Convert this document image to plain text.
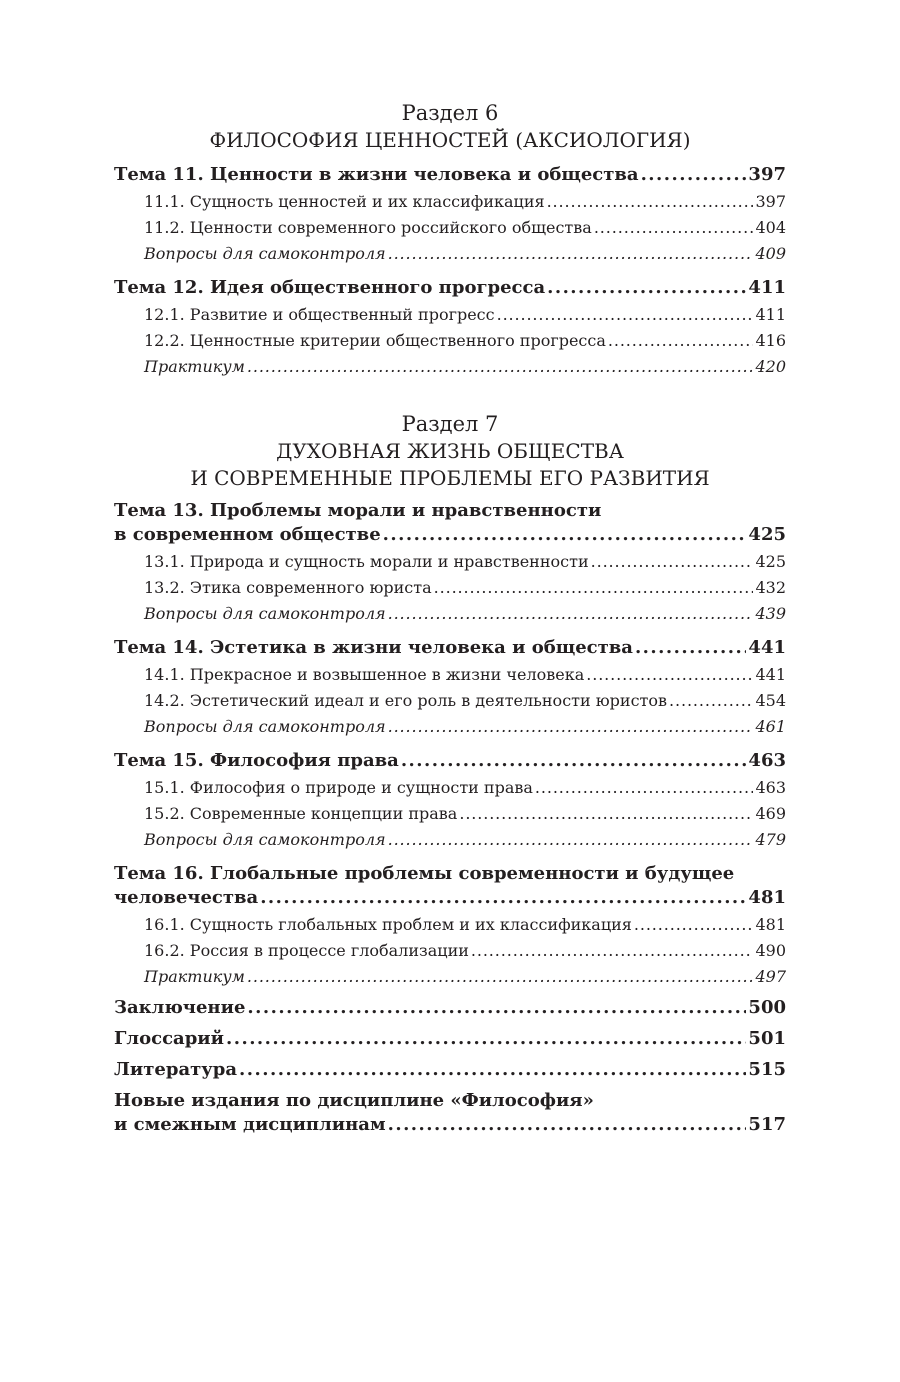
Раздел 6
ФИЛОСОФИЯ ЦЕННОСТЕЙ (АКСИОЛОГИЯ)
Тема 11. Ценности в жизни человека и общества . . .	397
11.1. Сущность ценностей и их классификация . . .	397
11.2. Ценности современного российского общества . . .	404
Вопросы для самоконтроля . . .	409
Тема 12. Идея общественного прогресса . . .	411
12.1. Развитие и общественный прогресс . . .	411
12.2. Ценностные критерии общественного прогресса . . .	416
Практикум . . .	420
Раздел 7
ДУХОВНАЯ ЖИЗНЬ ОБЩЕСТВА
И СОВРЕМЕННЫЕ ПРОБЛЕМЫ ЕГО РАЗВИТИЯ
Тема 13. Проблемы морали и нравственности
в современном обществе . . .	425
13.1. Природа и сущность морали и нравственности . . .	425
13.2. Этика современного юриста . . .	432
Вопросы для самоконтроля . . .	439
Тема 14. Эстетика в жизни человека и общества . . .	441
14.1. Прекрасное и возвышенное в жизни человека . . .	441
14.2. Эстетический идеал и его роль в деятельности юристов . . .	454
Вопросы для самоконтроля . . .	461
Тема 15. Философия права . . .	463
15.1. Философия о природе и сущности права . . .	463
15.2. Современные концепции права . . .	469
Вопросы для самоконтроля . . .	479
Тема 16. Глобальные проблемы современности и будущее
человечества . . .	481
16.1. Сущность глобальных проблем и их классификация . . .	481
16.2. Россия в процессе глобализации . . .	490
Практикум . . .	497
Заключение . . .	500
Глоссарий . . .	501
Литература . . .	515
Новые издания по дисциплине «Философия»
и смежным дисциплинам . . .	517
